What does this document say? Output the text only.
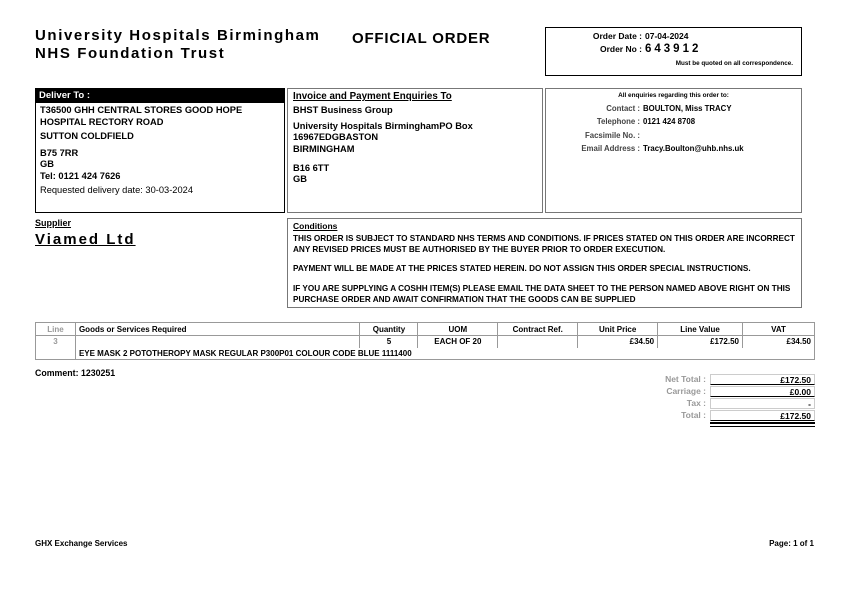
University Hospitals Birmingham
NHS Foundation Trust
OFFICIAL ORDER	Order Date : 07-04-2024
Order No : 643912
Must be quoted on all correspondence.
Deliver To :
T36500 GHH CENTRAL STORES GOOD HOPE HOSPITAL RECTORY ROAD
SUTTON COLDFIELD
B75 7RR
GB
Tel: 0121 424 7626
Requested delivery date: 30-03-2024
Invoice and Payment Enquiries To
BHST Business Group
University Hospitals BirminghamPO Box
16967EDGBASTON
BIRMINGHAM
B16 6TT
GB
All enquiries regarding this order to:
Contact : BOULTON, Miss TRACY
Telephone : 0121 424 8708
Facsimile No. :
Email Address : Tracy.Boulton@uhb.nhs.uk
Supplier
Viamed Ltd
Conditions
THIS ORDER IS SUBJECT TO STANDARD NHS TERMS AND CONDITIONS. IF PRICES STATED ON THIS ORDER ARE INCORRECT ANY REVISED PRICES MUST BE AUTHORISED BY THE BUYER PRIOR TO ORDER EXECUTION.
PAYMENT WILL BE MADE AT THE PRICES STATED HEREIN. DO NOT ASSIGN THIS ORDER SPECIAL INSTRUCTIONS.
IF YOU ARE SUPPLYING A COSHH ITEM(S) PLEASE EMAIL THE DATA SHEET TO THE PERSON NAMED ABOVE RIGHT ON THIS PURCHASE ORDER AND AWAIT CONFIRMATION THAT THE GOODS CAN BE SUPPLIED
Line	Goods or Services Required	Quantity	UOM	Contract Ref.	Unit Price	Line Value	VAT
3		5	EACH OF 20		£34.50	£172.50	£34.50
	EYE MASK 2 POTOTHEROPY MASK REGULAR P300P01 COLOUR CODE BLUE 1111400						
Comment: 1230251
Net Total :	£172.50
Carriage :	£0.00
Tax :	-
Total :	£172.50
GHX Exchange Services	Page: 1 of 1
